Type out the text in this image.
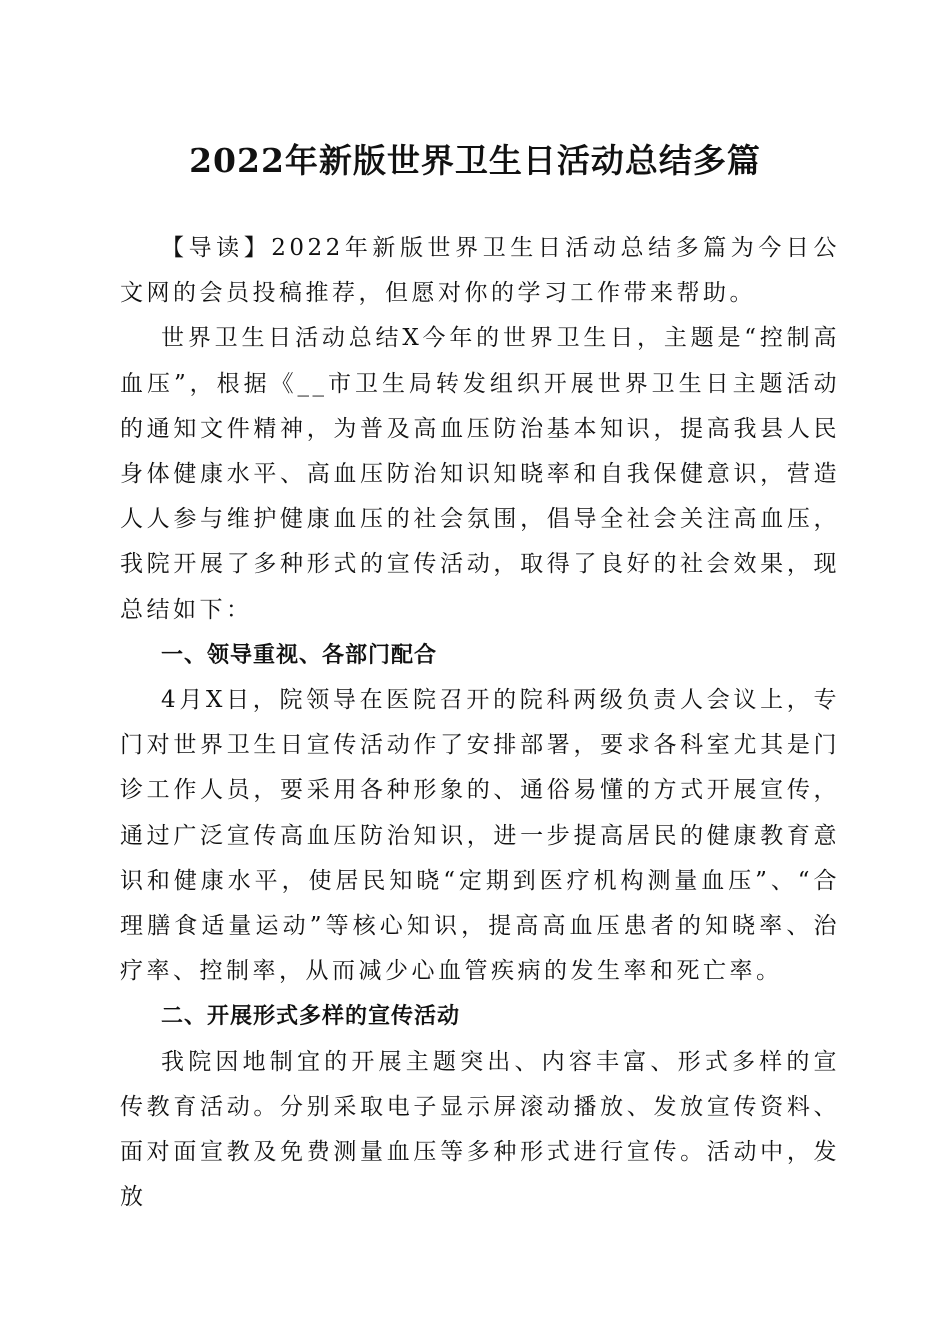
2022年新版世界卫生日活动总结多篇

【导读】2022年新版世界卫生日活动总结多篇为今日公文网的会员投稿推荐，但愿对你的学习工作带来帮助。

世界卫生日活动总结X今年的世界卫生日，主题是“控制高血压”，根据《__市卫生局转发组织开展世界卫生日主题活动的通知文件精神，为普及高血压防治基本知识，提高我县人民身体健康水平、高血压防治知识知晓率和自我保健意识，营造人人参与维护健康血压的社会氛围，倡导全社会关注高血压，我院开展了多种形式的宣传活动，取得了良好的社会效果，现总结如下：

一、领导重视、各部门配合

4月X日，院领导在医院召开的院科两级负责人会议上，专门对世界卫生日宣传活动作了安排部署，要求各科室尤其是门诊工作人员，要采用各种形象的、通俗易懂的方式开展宣传，通过广泛宣传高血压防治知识，进一步提高居民的健康教育意识和健康水平，使居民知晓“定期到医疗机构测量血压”、“合理膳食适量运动”等核心知识，提高高血压患者的知晓率、治疗率、控制率，从而减少心血管疾病的发生率和死亡率。

二、开展形式多样的宣传活动

我院因地制宜的开展主题突出、内容丰富、形式多样的宣传教育活动。分别采取电子显示屏滚动播放、发放宣传资料、面对面宣教及免费测量血压等多种形式进行宣传。活动中，发放
